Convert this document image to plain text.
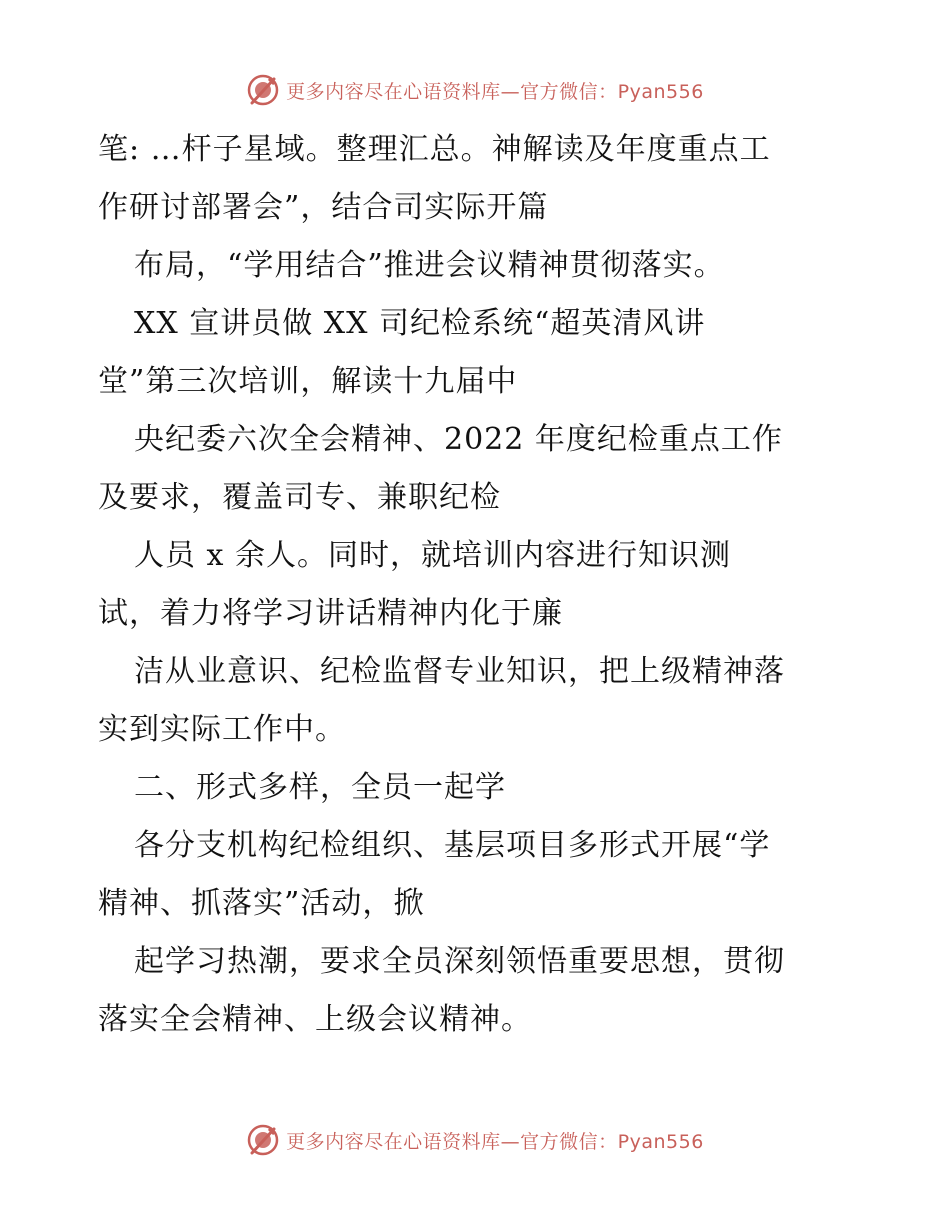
更多内容尽在心语资料库—官方微信：Pyan556
笔: …杆子星域。整理汇总。神解读及年度重点工
作研讨部署会”，结合司实际开篇
布局，“学用结合”推进会议精神贯彻落实。
XX 宣讲员做 XX 司纪检系统“超英清风讲
堂”第三次培训，解读十九届中
央纪委六次全会精神、2022 年度纪检重点工作
及要求，覆盖司专、兼职纪检
人员 x 余人。同时，就培训内容进行知识测
试，着力将学习讲话精神内化于廉
洁从业意识、纪检监督专业知识，把上级精神落
实到实际工作中。
二、形式多样，全员一起学
各分支机构纪检组织、基层项目多形式开展“学
精神、抓落实”活动，掀
起学习热潮，要求全员深刻领悟重要思想，贯彻
落实全会精神、上级会议精神。
更多内容尽在心语资料库—官方微信：Pyan556
